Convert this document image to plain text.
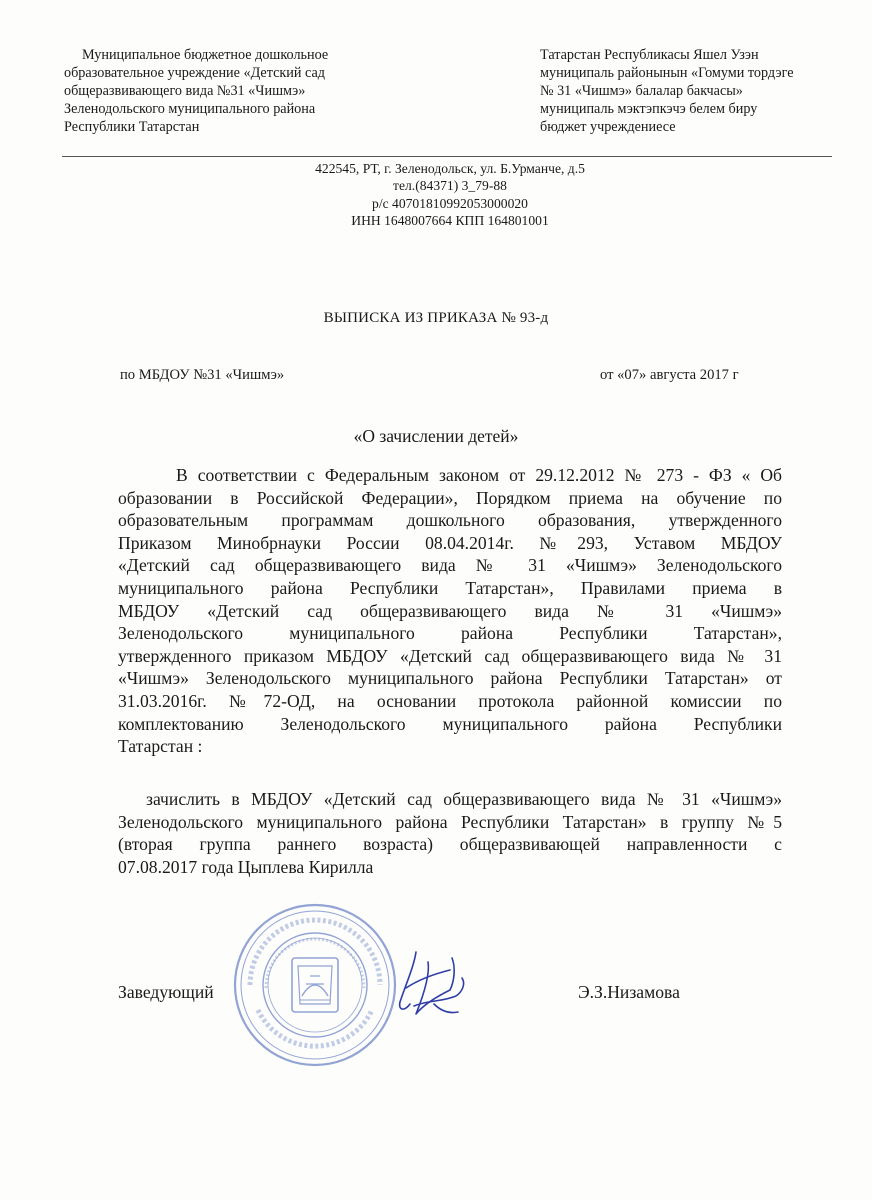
Муниципальное бюджетное дошкольное
образовательное учреждение «Детский сад
общеразвивающего вида №31 «Чишмэ»
Зеленодольского муниципального района
Республики Татарстан
Татарстан Республикасы Яшел Узэн
муниципаль районынын «Гомуми тордэге
№ 31 «Чишмэ» балалар бакчасы»
муниципаль мэктэпкэчэ белем биру
бюджет учреждениесе
422545, РТ, г. Зеленодольск, ул. Б.Урманче, д.5
тел.(84371) 3_79-88
р/с 40701810992053000020
ИНН 1648007664 КПП 164801001
ВЫПИСКА ИЗ ПРИКАЗА № 93-д
по МБДОУ №31 «Чишмэ»	от «07» августа 2017 г
«О зачислении детей»
В соответствии с Федеральным законом от 29.12.2012 № 273 - ФЗ « Об
образовании в Российской Федерации», Порядком приема на обучение по
образовательным программам дошкольного образования, утвержденного
Приказом Минобрнауки России 08.04.2014г. №293, Уставом МБДОУ
«Детский сад общеразвивающего вида № 31 «Чишмэ» Зеленодольского
муниципального района Республики Татарстан», Правилами приема в
МБДОУ «Детский сад общеразвивающего вида № 31 «Чишмэ»
Зеленодольского муниципального района Республики Татарстан»,
утвержденного приказом МБДОУ «Детский сад общеразвивающего вида № 31
«Чишмэ» Зеленодольского муниципального района Республики Татарстан» от
31.03.2016г. №72-ОД, на основании протокола районной комиссии по
комплектованию Зеленодольского муниципального района Республики
Татарстан :
зачислить в МБДОУ «Детский сад общеразвивающего вида № 31 «Чишмэ»
Зеленодольского муниципального района Республики Татарстан» в группу №5
(вторая группа раннего возраста) общеразвивающей направленности с
07.08.2017 года Цыплева Кирилла
Заведующий	Э.З.Низамова
